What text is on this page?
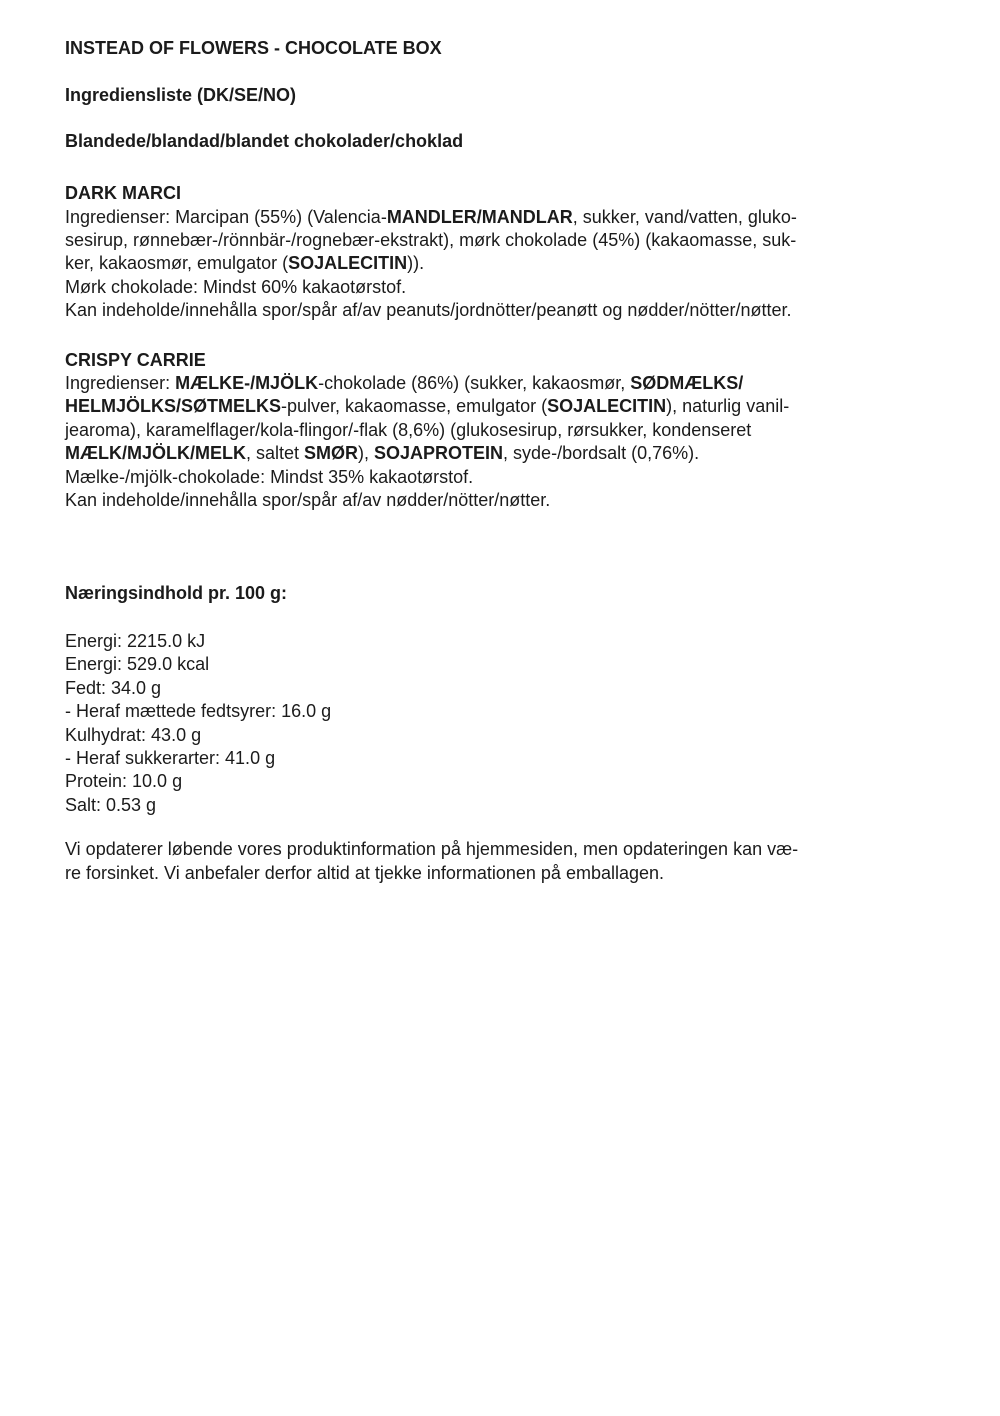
INSTEAD OF FLOWERS - CHOCOLATE BOX
Ingrediensliste (DK/SE/NO)
Blandede/blandad/blandet chokolader/choklad
DARK MARCI
Ingredienser: Marcipan (55%) (Valencia-MANDLER/MANDLAR, sukker, vand/vatten, gluko-
sesirup, rønnebær-/rönnbär-/rognebær-ekstrakt), mørk chokolade (45%) (kakaomasse, suk-
ker, kakaosmør, emulgator (SOJALECITIN)).
Mørk chokolade: Mindst 60% kakaotørstof.
Kan indeholde/innehålla spor/spår af/av peanuts/jordnötter/peanøtt og nødder/nötter/nøtter.
CRISPY CARRIE
Ingredienser: MÆLKE-/MJÖLK-chokolade (86%) (sukker, kakaosmør, SØDMÆLKS/
HELMJÖLKS/SØTMELKS-pulver, kakaomasse, emulgator (SOJALECITIN), naturlig vanil-
jearoma), karamelflager/kola-flingor/-flak (8,6%) (glukosesirup, rørsukker, kondenseret
MÆLK/MJÖLK/MELK, saltet SMØR), SOJAPROTEIN, syde-/bordsalt (0,76%).
Mælke-/mjölk-chokolade: Mindst 35% kakaotørstof.
Kan indeholde/innehålla spor/spår af/av nødder/nötter/nøtter.
Næringsindhold pr. 100 g:
Energi: 2215.0 kJ
Energi: 529.0 kcal
Fedt: 34.0 g
- Heraf mættede fedtsyrer: 16.0 g
Kulhydrat: 43.0 g
- Heraf sukkerarter: 41.0 g
Protein: 10.0 g
Salt: 0.53 g
Vi opdaterer løbende vores produktinformation på hjemmesiden, men opdateringen kan væ-
re forsinket. Vi anbefaler derfor altid at tjekke informationen på emballagen.
